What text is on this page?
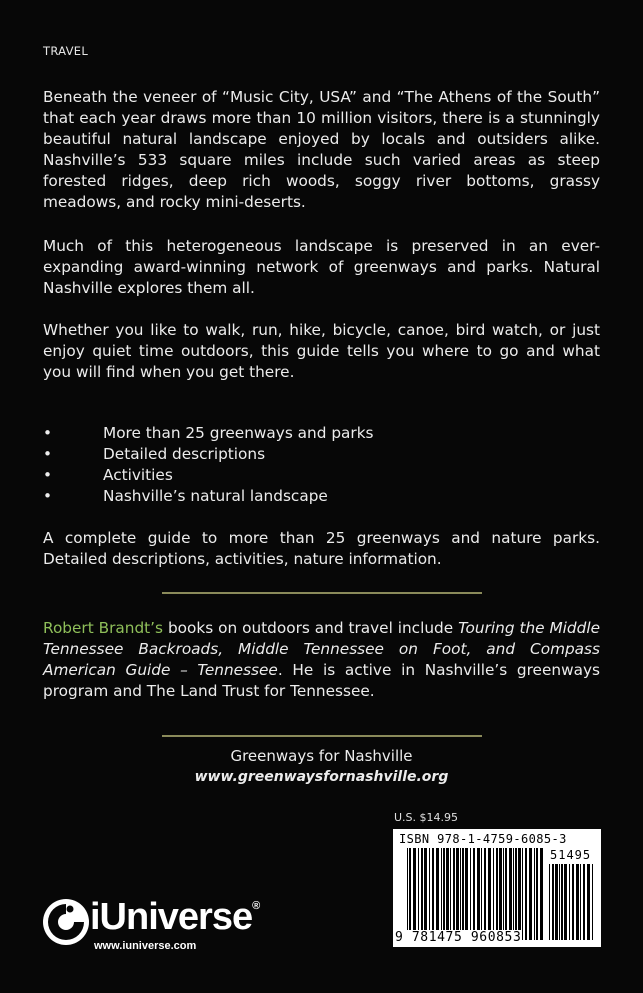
TRAVEL
Beneath the veneer of “Music City, USA” and “The Athens of the South” that each year draws more than 10 million visitors, there is a stunningly beautiful natural landscape enjoyed by locals and outsiders alike. Nashville’s 533 square miles include such varied areas as steep forested ridges, deep rich woods, soggy river bottoms, grassy meadows, and rocky mini-deserts.
Much of this heterogeneous landscape is preserved in an ever-expanding award-winning network of greenways and parks. Natural Nashville explores them all.
Whether you like to walk, run, hike, bicycle, canoe, bird watch, or just enjoy quiet time outdoors, this guide tells you where to go and what you will find when you get there.
•	More than 25 greenways and parks
•	Detailed descriptions
•	Activities
•	Nashville’s natural landscape
A complete guide to more than 25 greenways and nature parks. Detailed descriptions, activities, nature information.
Robert Brandt’s books on outdoors and travel include Touring the Middle Tennessee Backroads, Middle Tennessee on Foot, and Compass American Guide – Tennessee. He is active in Nashville’s greenways program and The Land Trust for Tennessee.
Greenways for Nashville
www.greenwaysfornashville.org
U.S. $14.95
ISBN 978-1-4759-6085-3
51495
9 781475 960853
iUniverse®
www.iuniverse.com
